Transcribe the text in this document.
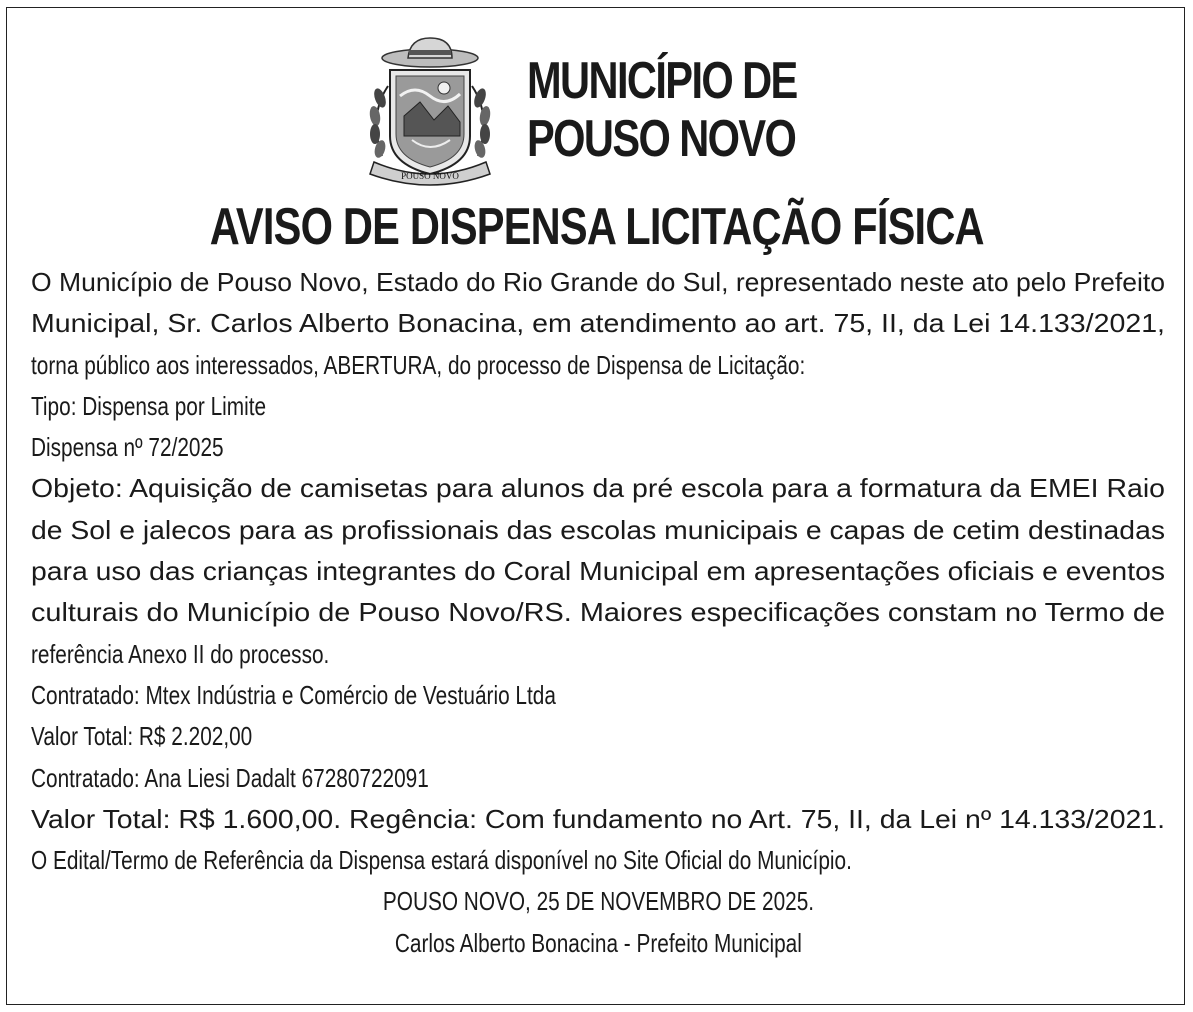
POUSO NOVO
MUNICÍPIO DE
POUSO NOVO
AVISO DE DISPENSA LICITAÇÃO FÍSICA
O Município de Pouso Novo, Estado do Rio Grande do Sul, representado neste ato pelo Prefeito
Municipal, Sr. Carlos Alberto Bonacina, em atendimento ao art. 75, II, da Lei 14.133/2021,
torna público aos interessados, ABERTURA, do processo de Dispensa de Licitação:
Tipo: Dispensa por Limite
Dispensa nº 72/2025
Objeto: Aquisição de camisetas para alunos da pré escola para a formatura da EMEI Raio
de Sol e jalecos para as profissionais das escolas municipais e capas de cetim destinadas
para uso das crianças integrantes do Coral Municipal em apresentações oficiais e eventos
culturais do Município de Pouso Novo/RS. Maiores especificações constam no Termo de
referência Anexo II do processo.
Contratado: Mtex Indústria e Comércio de Vestuário Ltda
Valor Total: R$ 2.202,00
Contratado: Ana Liesi Dadalt 67280722091
Valor Total: R$ 1.600,00. Regência: Com fundamento no Art. 75, II, da Lei nº 14.133/2021.
O Edital/Termo de Referência da Dispensa estará disponível no Site Oficial do Município.
POUSO NOVO, 25 DE NOVEMBRO DE 2025.
Carlos Alberto Bonacina - Prefeito Municipal
